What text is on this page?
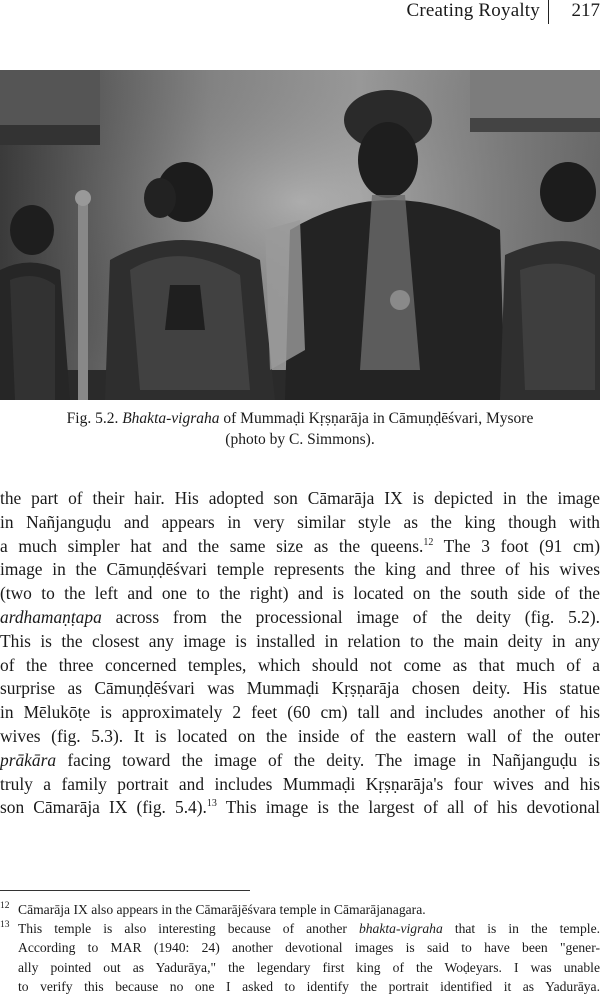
Creating Royalty 217
Fig. 5.2. Bhakta-vigraha of Mummaḍi Kṛṣṇarāja in Cāmuṇḍēśvari, Mysore
(photo by C. Simmons).
the part of their hair. His adopted son Cāmarāja IX is depicted in the image
in Nañjanguḍu and appears in very similar style as the king though with
a much simpler hat and the same size as the queens.$^{12}$ The 3 foot (91 cm)
image in the Cāmuṇḍēśvari temple represents the king and three of his wives
(two to the left and one to the right) and is located on the south side of the
ardhamaṇṭapa across from the processional image of the deity (fig. 5.2).
This is the closest any image is installed in relation to the main deity in any
of the three concerned temples, which should not come as that much of a
surprise as Cāmuṇḍēśvari was Mummaḍi Kṛṣṇarāja chosen deity. His statue
in Mēlukōṭe is approximately 2 feet (60 cm) tall and includes another of his
wives (fig. 5.3). It is located on the inside of the eastern wall of the outer
prākāra facing toward the image of the deity. The image in Nañjanguḍu is
truly a family portrait and includes Mummaḍi Kṛṣṇarāja's four wives and his
son Cāmarāja IX (fig. 5.4).$^{13}$ This image is the largest of all of his devotional
12 Cāmarāja IX also appears in the Cāmarājēśvara temple in Cāmarājanagara.
13 This temple is also interesting because of another bhakta-vigraha that is in the temple.
According to MAR (1940: 24) another devotional images is said to have been "gener-
ally pointed out as Yadurāya," the legendary first king of the Woḍeyars. I was unable
to verify this because no one I asked to identify the portrait identified it as Yadurāya.
